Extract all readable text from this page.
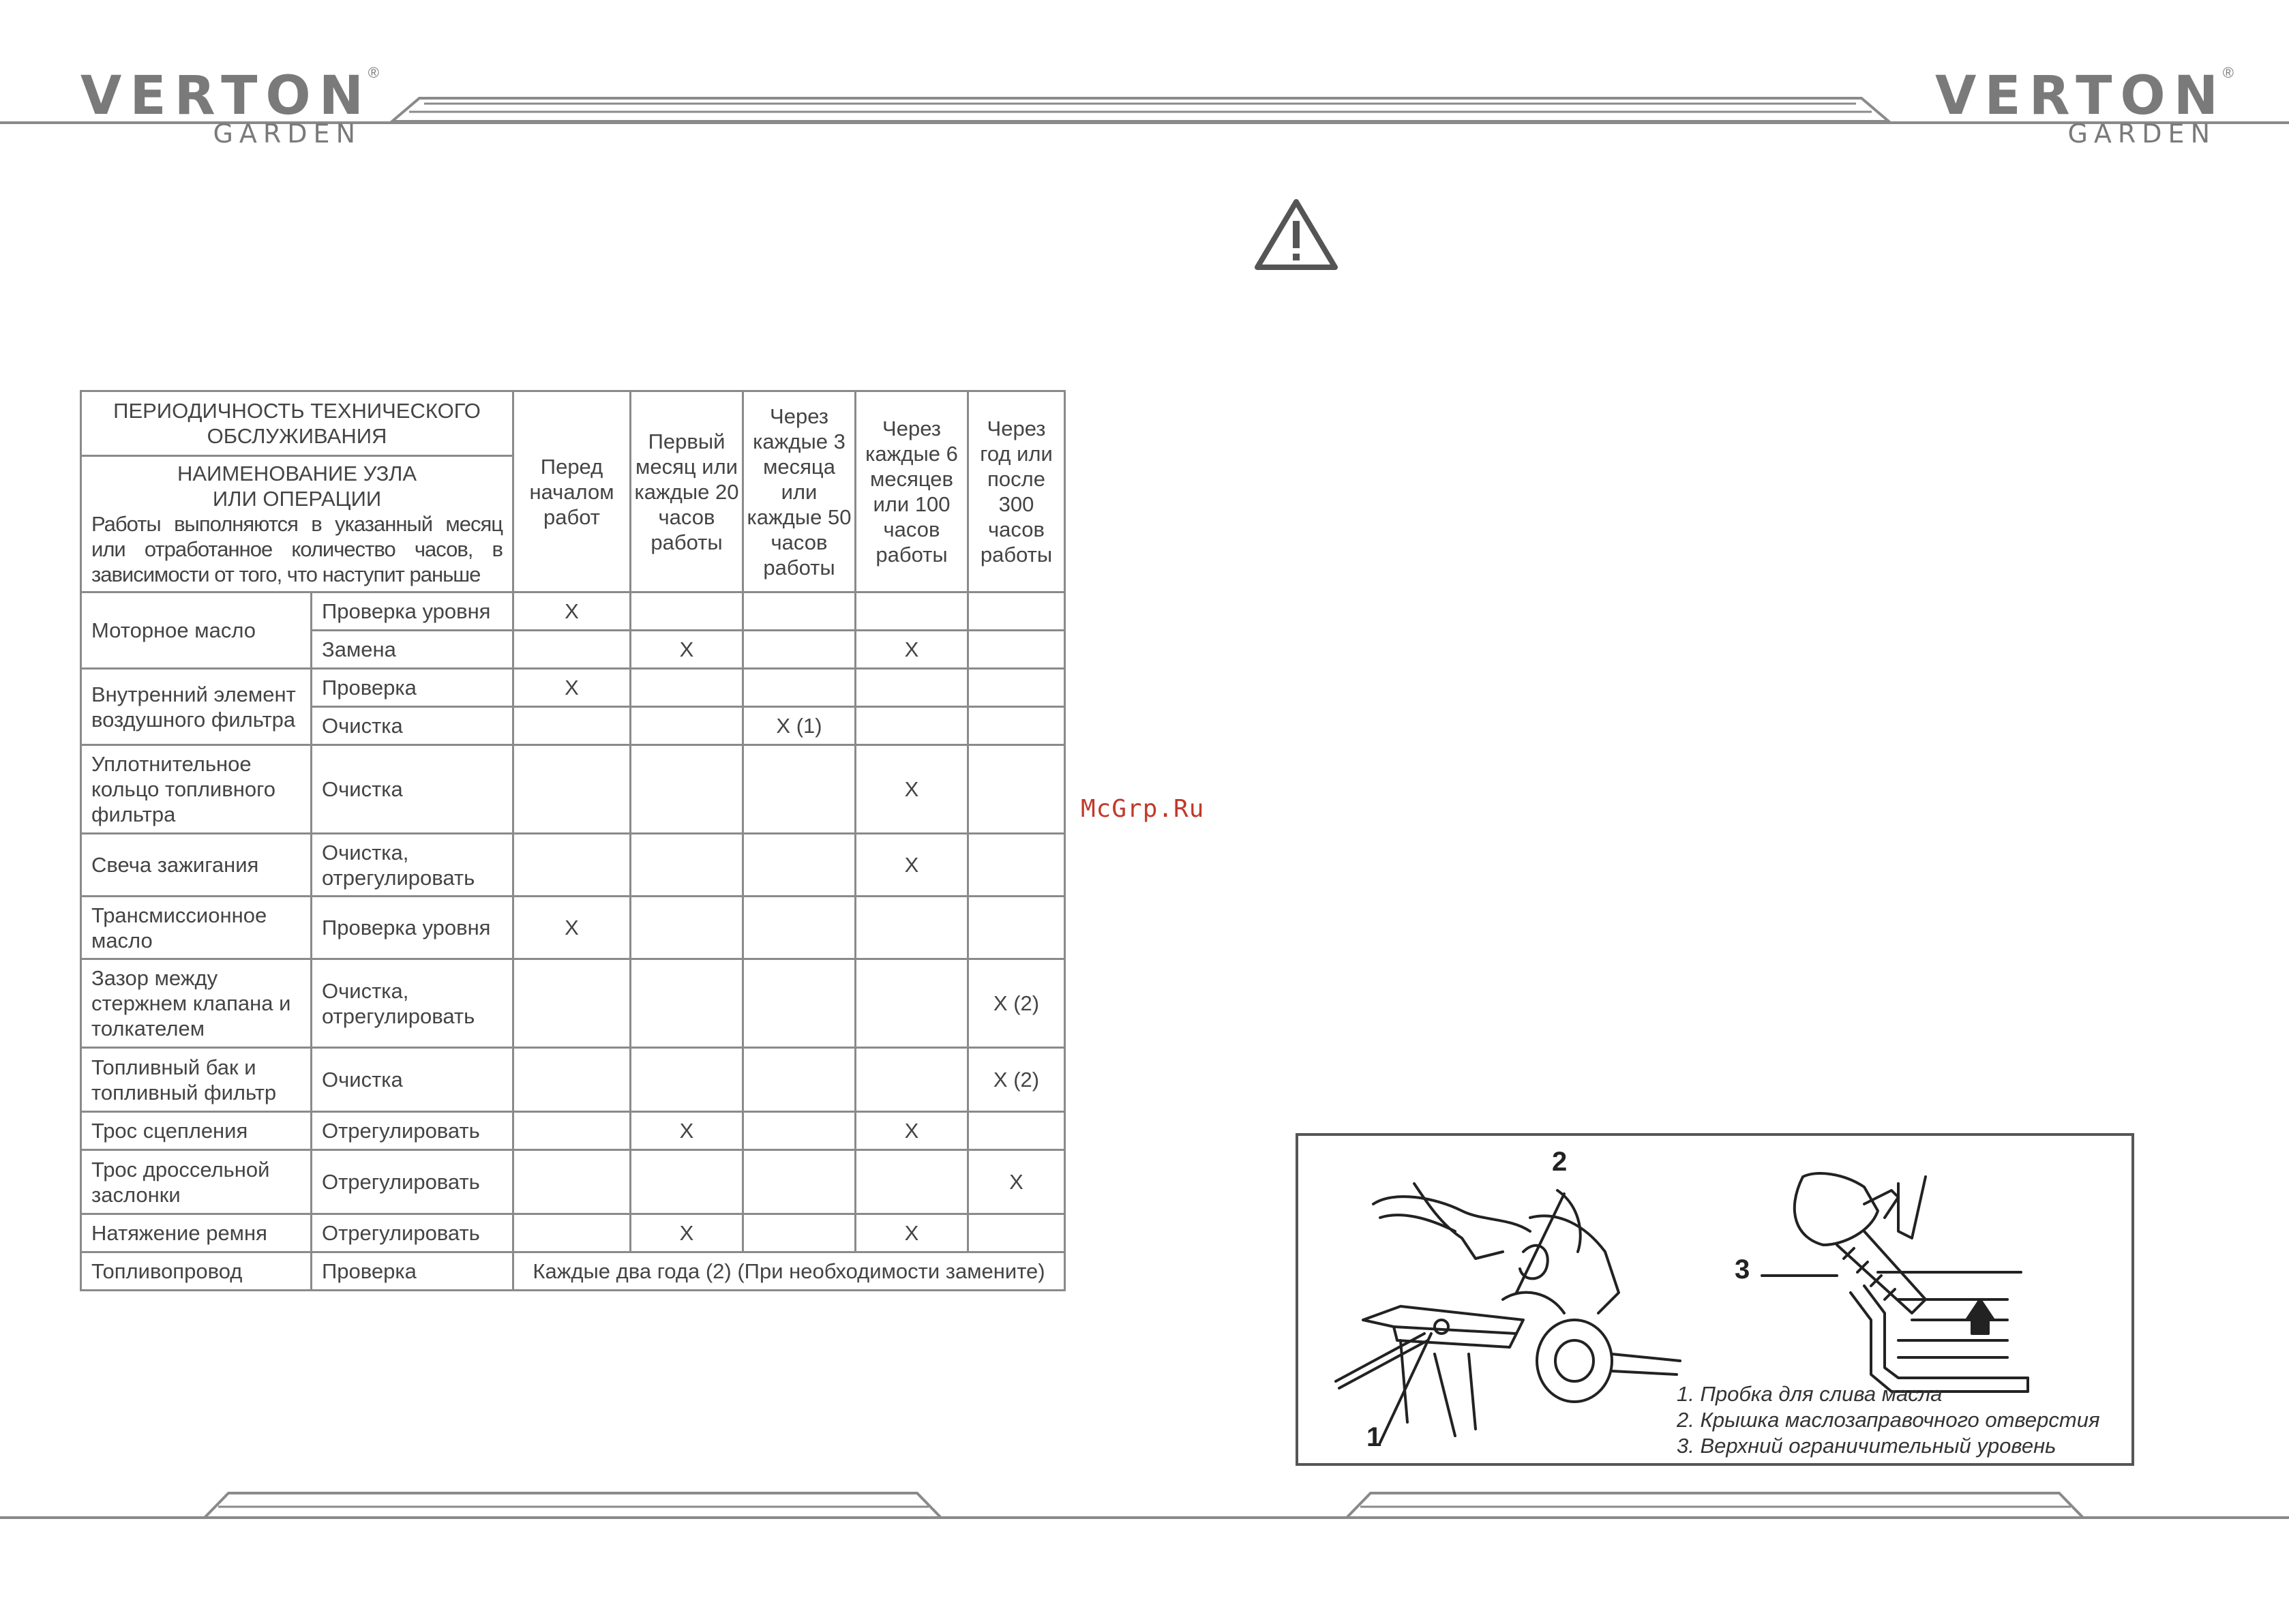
VERTON
®
GARDEN
VERTON
®
GARDEN
ПЕРИОДИЧНОСТЬ ТЕХНИЧЕСКОГО ОБСЛУЖИВАНИЯ		Перед началом работ	Первый месяц или каждые 20 часов работы	Через каждые 3 месяца или каждые 50 часов работы	Через каждые 6 месяцев или 100 часов работы	Через год или после 300 часов работы

НАИМЕНОВАНИЕ УЗЛА
ИЛИ ОПЕРАЦИИ
Работы выполняются в указанный месяц или отработанное количество часов, в зависимости от того, что наступит раньше						

Моторное масло	Проверка уровня	X				
	Замена		X		X	
Внутренний элемент воздушного фильтра	Проверка	X				
	Очистка			X (1)		
Уплотнительное кольцо топливного фильтра	Очистка				X	
Свеча зажигания	Очистка, отрегулировать				X	
Трансмиссионное масло	Проверка уровня	X				
Зазор между стержнем клапана и толкателем	Очистка, отрегулировать					X (2)
Топливный бак и топливный фильтр	Очистка					X (2)
Трос сцепления	Отрегулировать		X		X	
Трос дроссельной заслонки	Отрегулировать					X
Натяжение ремня	Отрегулировать		X		X	
Топливопровод	Проверка	Каждые два года (2) (При необходимости замените)				
McGrp.Ru
1
2
3
1. Пробка для слива масла
2. Крышка маслозаправочного отверстия
3. Верхний ограничительный уровень
